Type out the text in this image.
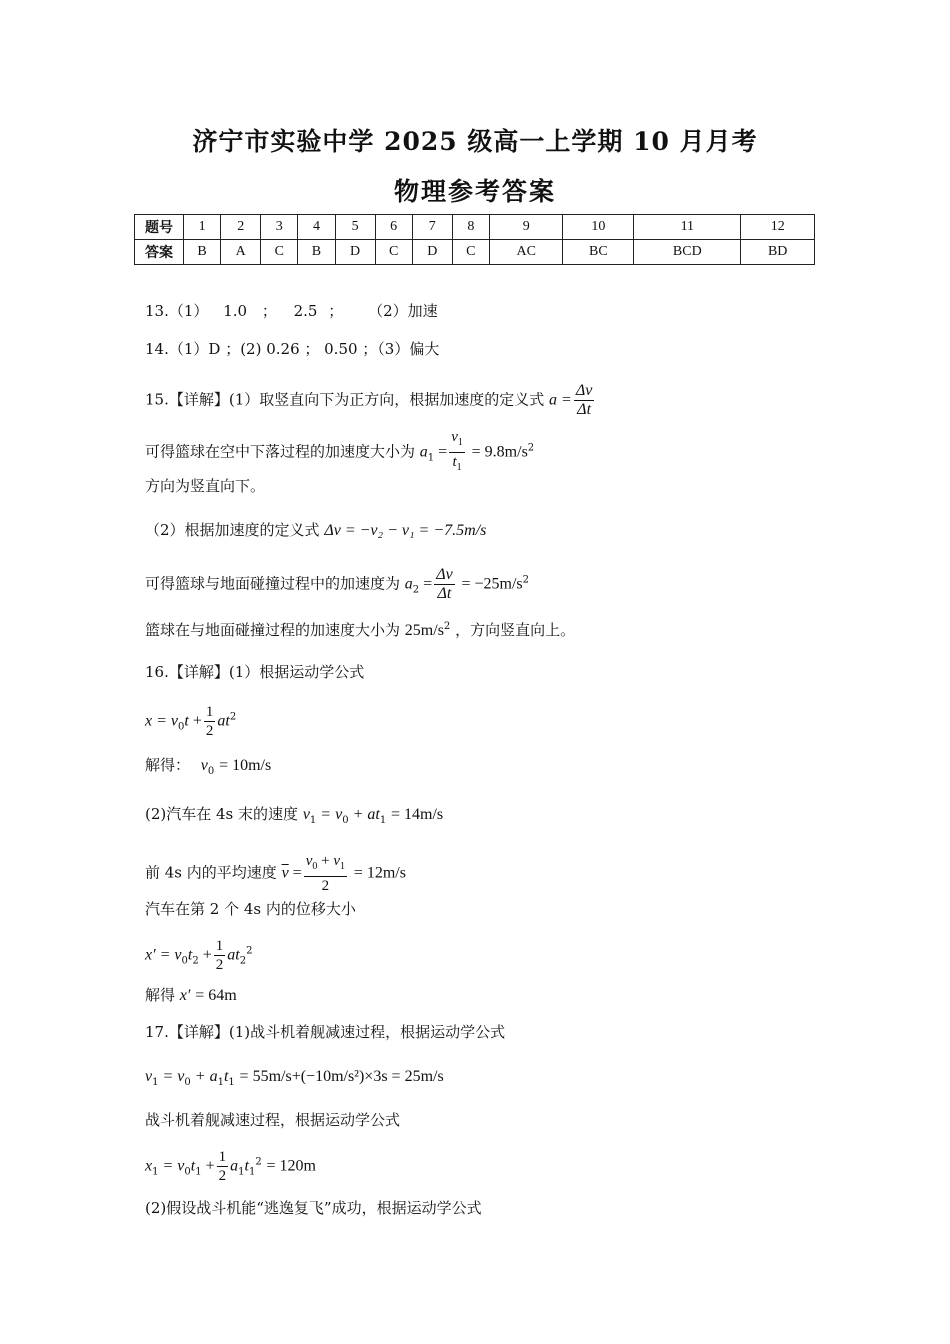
济宁市实验中学 2025 级高一上学期 10 月月考
物理参考答案
题号	1	2	3	4	5	6	7	8	9	10	11	12
答案	B	A	C	B	D	C	D	C	AC	BC	BCD	BD
13.（1） 1.0 ； 2.5 ； （2）加速
14.（1）D ；(2) 0.26 ； 0.50 ；（3）偏大
15.【详解】(1）取竖直向下为正方向，根据加速度的定义式 $a = \frac{\Delta v}{\Delta t}$
可得篮球在空中下落过程的加速度大小为 $a_1 = \frac{v_1}{t_1} = 9.8m/s^2$
方向为竖直向下。
（2）根据加速度的定义式 Δv = −v₂ − v₁ = −7.5m/s
可得篮球与地面碰撞过程中的加速度为 $a_2 = \frac{\Delta v}{\Delta t} = -25m/s^2$
篮球在与地面碰撞过程的加速度大小为 $25m/s^2$ ，方向竖直向上。
16.【详解】(1）根据运动学公式
$x = v_0t + \frac{1}{2} at^2$
解得： $v_0 = 10m/s$
(2)汽车在 4s 末的速度 $v_1 = v_0 + at_1 = 14m/s$
前 4s 内的平均速度 $\overline{v} = \frac{v_0 + v_1}{2} = 12m/s$
汽车在第 2 个 4s 内的位移大小
$x' = v_0t_2 + \frac{1}{2} at_2^2$
解得 x′ = 64m
17.【详解】(1)战斗机着舰减速过程，根据运动学公式
$v_1 = v_0 + a_1t_1 = 55m/s+(-10m/s^2)\times 3s = 25m/s$
战斗机着舰减速过程，根据运动学公式
$x_1 = v_0t_1 + \frac{1}{2} a_1t_1^2 = 120m$
(2)假设战斗机能“逃逸复飞”成功，根据运动学公式
